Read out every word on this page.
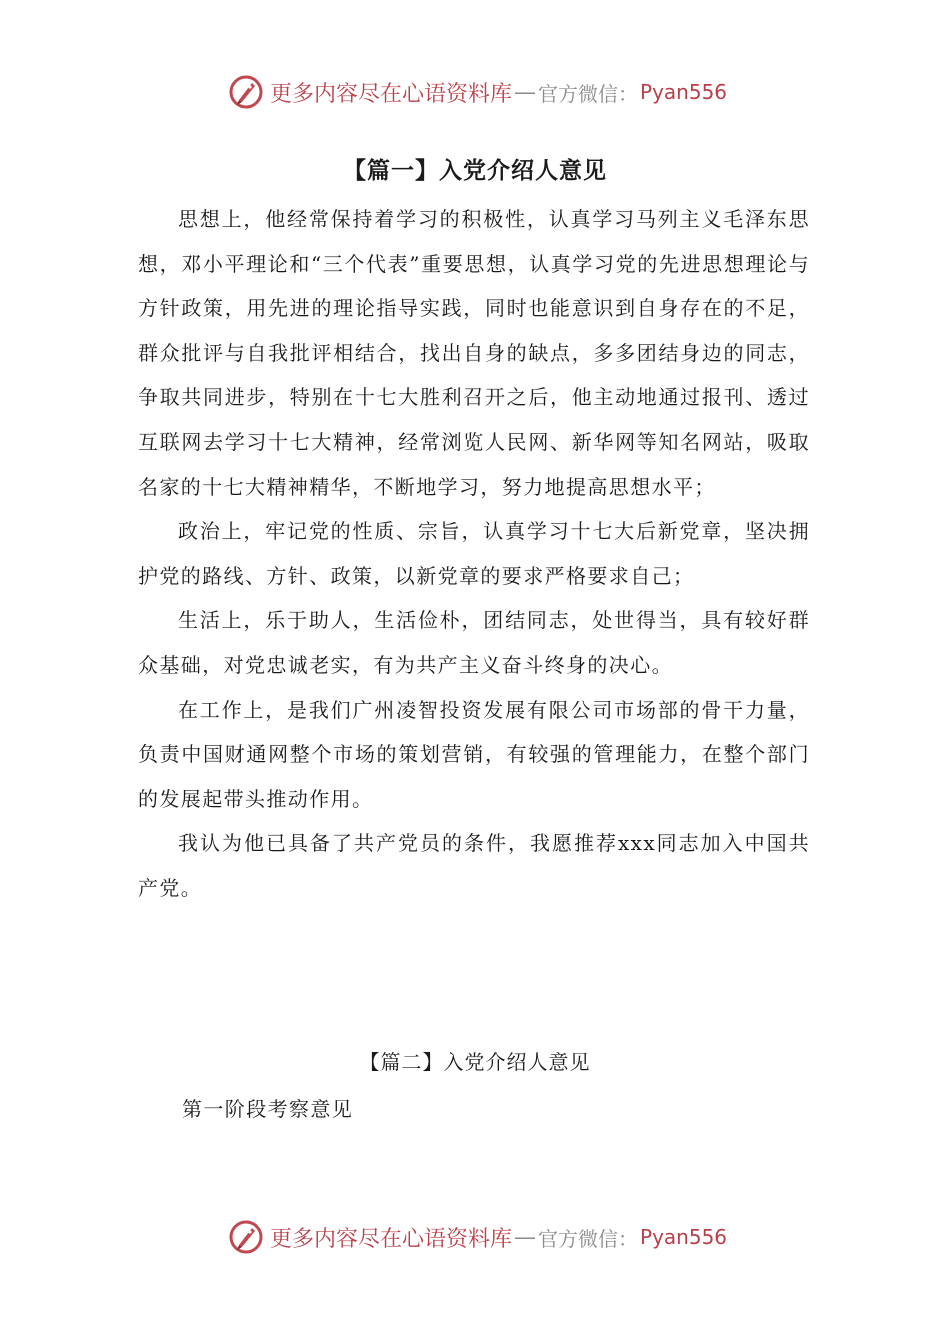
更多内容尽在心语资料库 — 官方微信： Pyan556
【篇一】入党介绍人意见

思想上，他经常保持着学习的积极性，认真学习马列主义毛泽东思想，邓小平理论和“三个代表”重要思想，认真学习党的先进思想理论与方针政策，用先进的理论指导实践，同时也能意识到自身存在的不足，群众批评与自我批评相结合，找出自身的缺点，多多团结身边的同志，争取共同进步，特别在十七大胜利召开之后，他主动地通过报刊、透过互联网去学习十七大精神，经常浏览人民网、新华网等知名网站，吸取名家的十七大精神精华，不断地学习，努力地提高思想水平；

政治上，牢记党的性质、宗旨，认真学习十七大后新党章，坚决拥护党的路线、方针、政策，以新党章的要求严格要求自己；

生活上，乐于助人，生活俭朴，团结同志，处世得当，具有较好群众基础，对党忠诚老实，有为共产主义奋斗终身的决心。

在工作上，是我们广州凌智投资发展有限公司市场部的骨干力量，负责中国财通网整个市场的策划营销，有较强的管理能力，在整个部门的发展起带头推动作用。

我认为他已具备了共产党员的条件，我愿推荐xxx同志加入中国共产党。

【篇二】入党介绍人意见
第一阶段考察意见
更多内容尽在心语资料库 — 官方微信： Pyan556
